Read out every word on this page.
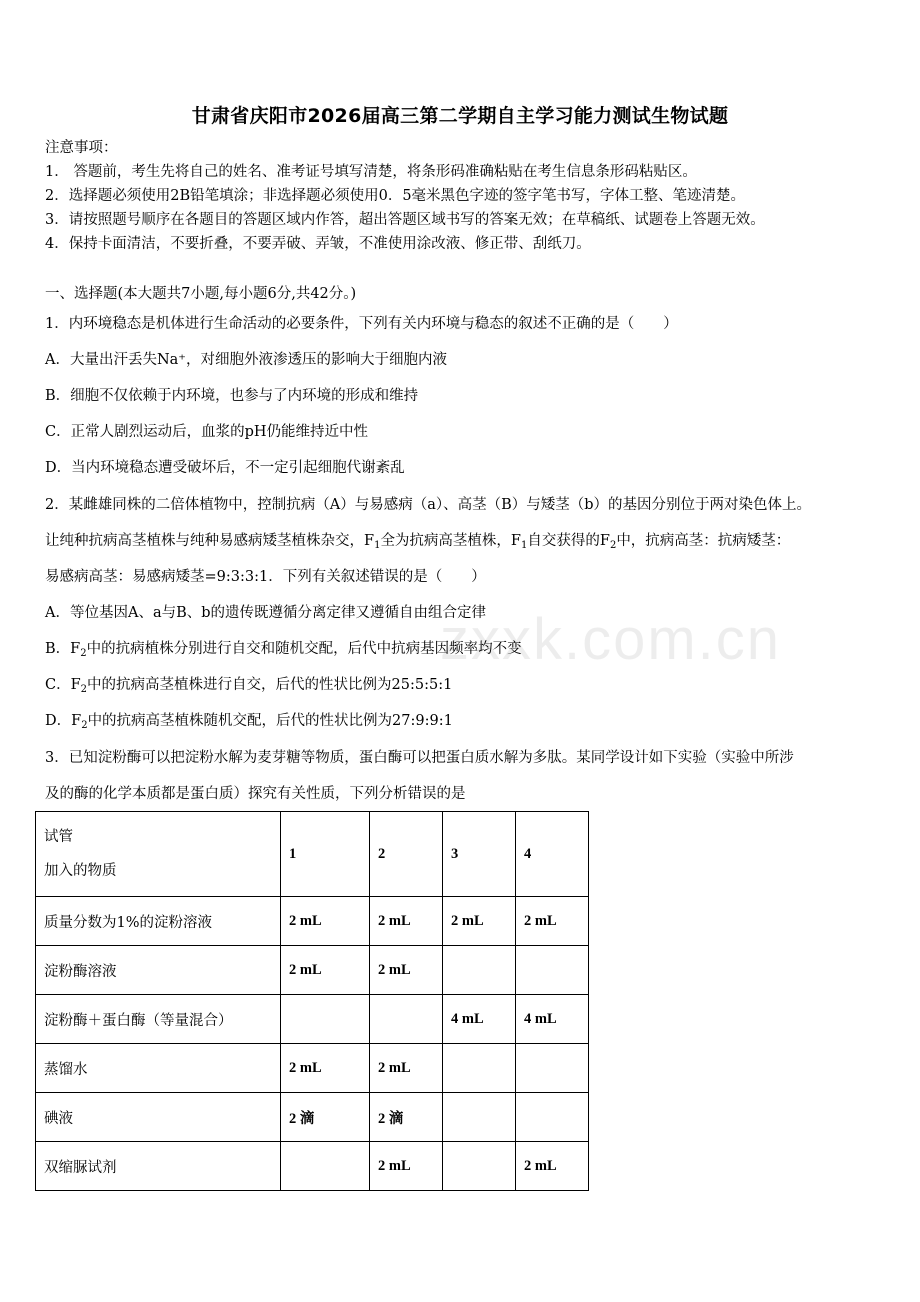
甘肃省庆阳市2026届高三第二学期自主学习能力测试生物试题
注意事项：
1． 答题前，考生先将自己的姓名、准考证号填写清楚，将条形码准确粘贴在考生信息条形码粘贴区。
2．选择题必须使用2B铅笔填涂；非选择题必须使用0．5毫米黑色字迹的签字笔书写，字体工整、笔迹清楚。
3．请按照题号顺序在各题目的答题区域内作答，超出答题区域书写的答案无效；在草稿纸、试题卷上答题无效。
4．保持卡面清洁，不要折叠，不要弄破、弄皱，不准使用涂改液、修正带、刮纸刀。
一、选择题(本大题共7小题,每小题6分,共42分。)
1．内环境稳态是机体进行生命活动的必要条件，下列有关内环境与稳态的叙述不正确的是（　　）
A．大量出汗丢失Na⁺，对细胞外液渗透压的影响大于细胞内液
B．细胞不仅依赖于内环境，也参与了内环境的形成和维持
C．正常人剧烈运动后，血浆的pH仍能维持近中性
D．当内环境稳态遭受破坏后，不一定引起细胞代谢紊乱
2．某雌雄同株的二倍体植物中，控制抗病（A）与易感病（a）、高茎（B）与矮茎（b）的基因分别位于两对染色体上。
让纯种抗病高茎植株与纯种易感病矮茎植株杂交，$F_1$全为抗病高茎植株，$F_1$自交获得的$F_2$中，抗病高茎：抗病矮茎：
易感病高茎：易感病矮茎=9:3:3:1．下列有关叙述错误的是（　　）
A．等位基因A、a与B、b的遗传既遵循分离定律又遵循自由组合定律
B．$F_2$中的抗病植株分别进行自交和随机交配，后代中抗病基因频率均不变
C．$F_2$中的抗病高茎植株进行自交，后代的性状比例为25:5:5:1
D．$F_2$中的抗病高茎植株随机交配，后代的性状比例为27:9:9:1
zxxk.com.cn
3．已知淀粉酶可以把淀粉水解为麦芽糖等物质，蛋白酶可以把蛋白质水解为多肽。某同学设计如下实验（实验中所涉
及的酶的化学本质都是蛋白质）探究有关性质，下列分析错误的是
试管
加入的物质	1	2	3	4
质量分数为1%的淀粉溶液	2 mL	2 mL	2 mL	2 mL
淀粉酶溶液	2 mL	2 mL		
淀粉酶＋蛋白酶（等量混合）			4 mL	4 mL
蒸馏水	2 mL	2 mL		
碘液	2 滴	2 滴		
双缩脲试剂		2 mL		2 mL
